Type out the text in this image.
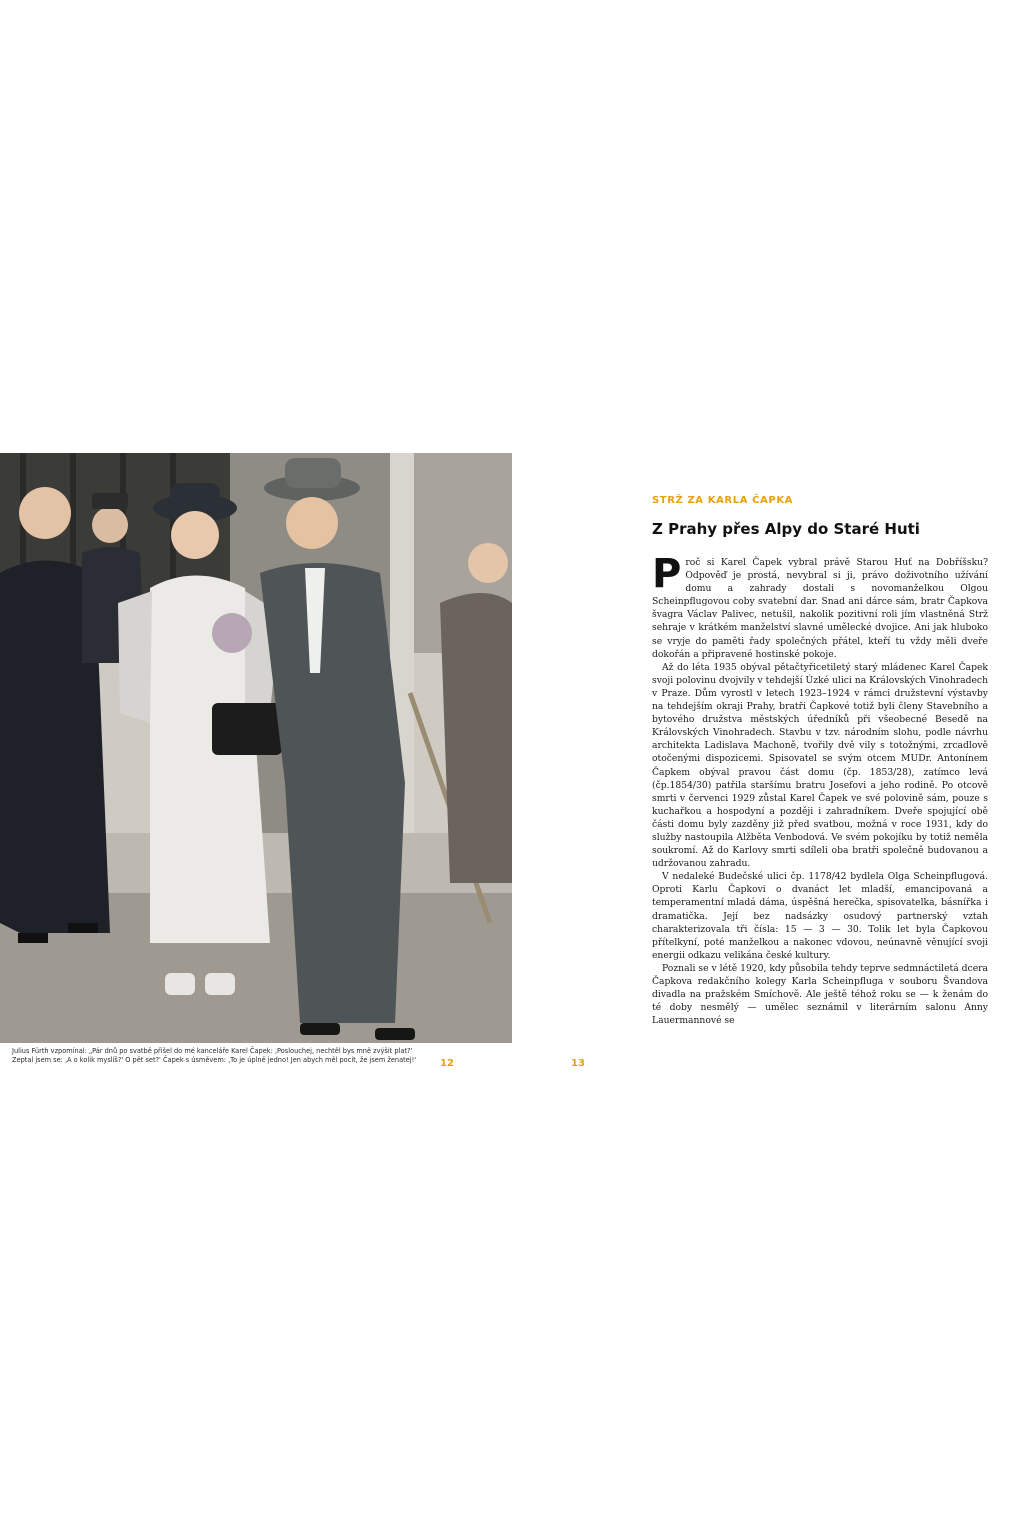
Julius Fürth vzpomínal: „Pár dnů po svatbě přišel do mé kanceláře Karel Čapek: ‚Poslouchej, nechtěl bys mně zvýšit plat?' Zeptal jsem se: ‚A o kolik myslíš?' O pět set?' Čapek s úsměvem: ‚To je úplně jedno! Jen abych měl pocit, že jsem ženatej!'	12	13
STRŽ ZA KARLA ČAPKA
Z Prahy přes Alpy do Staré Huti

Proč si Karel Čapek vybral právě Starou Huť na Dobříšsku? Odpověď je prostá, nevybral si ji, právo doživotního užívání domu a zahrady dostali s novomanželkou Olgou Scheinpflugovou coby svatební dar. Snad ani dárce sám, bratr Čapkova švagra Václav Palivec, netušil, nakolik pozitivní roli jím vlastněná Strž sehraje v krátkém manželství slavné umělecké dvojice. Ani jak hluboko se vryje do paměti řady společných přátel, kteří tu vždy měli dveře dokořán a připravené hostinské pokoje.

Až do léta 1935 obýval pětačtyřicetiletý starý mládenec Karel Čapek svoji polovinu dvojvily v tehdejší Úzké ulici na Královských Vinohradech v Praze. Dům vyrostl v letech 1923–1924 v rámci družstevní výstavby na tehdejším okraji Prahy, bratři Čapkové totiž byli členy Stavebního a bytového družstva městských úředníků při všeobecné Besedě na Královských Vinohradech. Stavbu v tzv. národním slohu, podle návrhu architekta Ladislava Machoně, tvořily dvě vily s totožnými, zrcadlově otočenými dispozicemi. Spisovatel se svým otcem MUDr. Antonínem Čapkem obýval pravou část domu (čp. 1853/28), zatímco levá (čp.1854/30) patřila staršímu bratru Josefovi a jeho rodině. Po otcově smrti v červenci 1929 zůstal Karel Čapek ve své polovině sám, pouze s kuchařkou a hospodyní a později i zahradníkem. Dveře spojující obě části domu byly zazděny již před svatbou, možná v roce 1931, kdy do služby nastoupila Alžběta Venbodová. Ve svém pokojíku by totiž neměla soukromí. Až do Karlovy smrti sdíleli oba bratři společně budovanou a udržovanou zahradu.

V nedaleké Budečské ulici čp. 1178/42 bydlela Olga Scheinpflugová. Oproti Karlu Čapkovi o dvanáct let mladší, emancipovaná a temperamentní mladá dáma, úspěšná herečka, spisovatelka, básnířka i dramatička. Její bez nadsázky osudový partnerský vztah charakterizovala tři čísla: 15 — 3 — 30. Tolik let byla Čapkovou přítelkyní, poté manželkou a nakonec vdovou, neúnavně věnující svoji energii odkazu velikána české kultury.

Poznali se v létě 1920, kdy působila tehdy teprve sedmnáctiletá dcera Čapkova redakčního kolegy Karla Scheinpfluga v souboru Švandova divadla na pražském Smíchově. Ale ještě téhož roku se — k ženám do té doby nesmělý — umělec seznámil v literárním salonu Anny Lauermannové se
